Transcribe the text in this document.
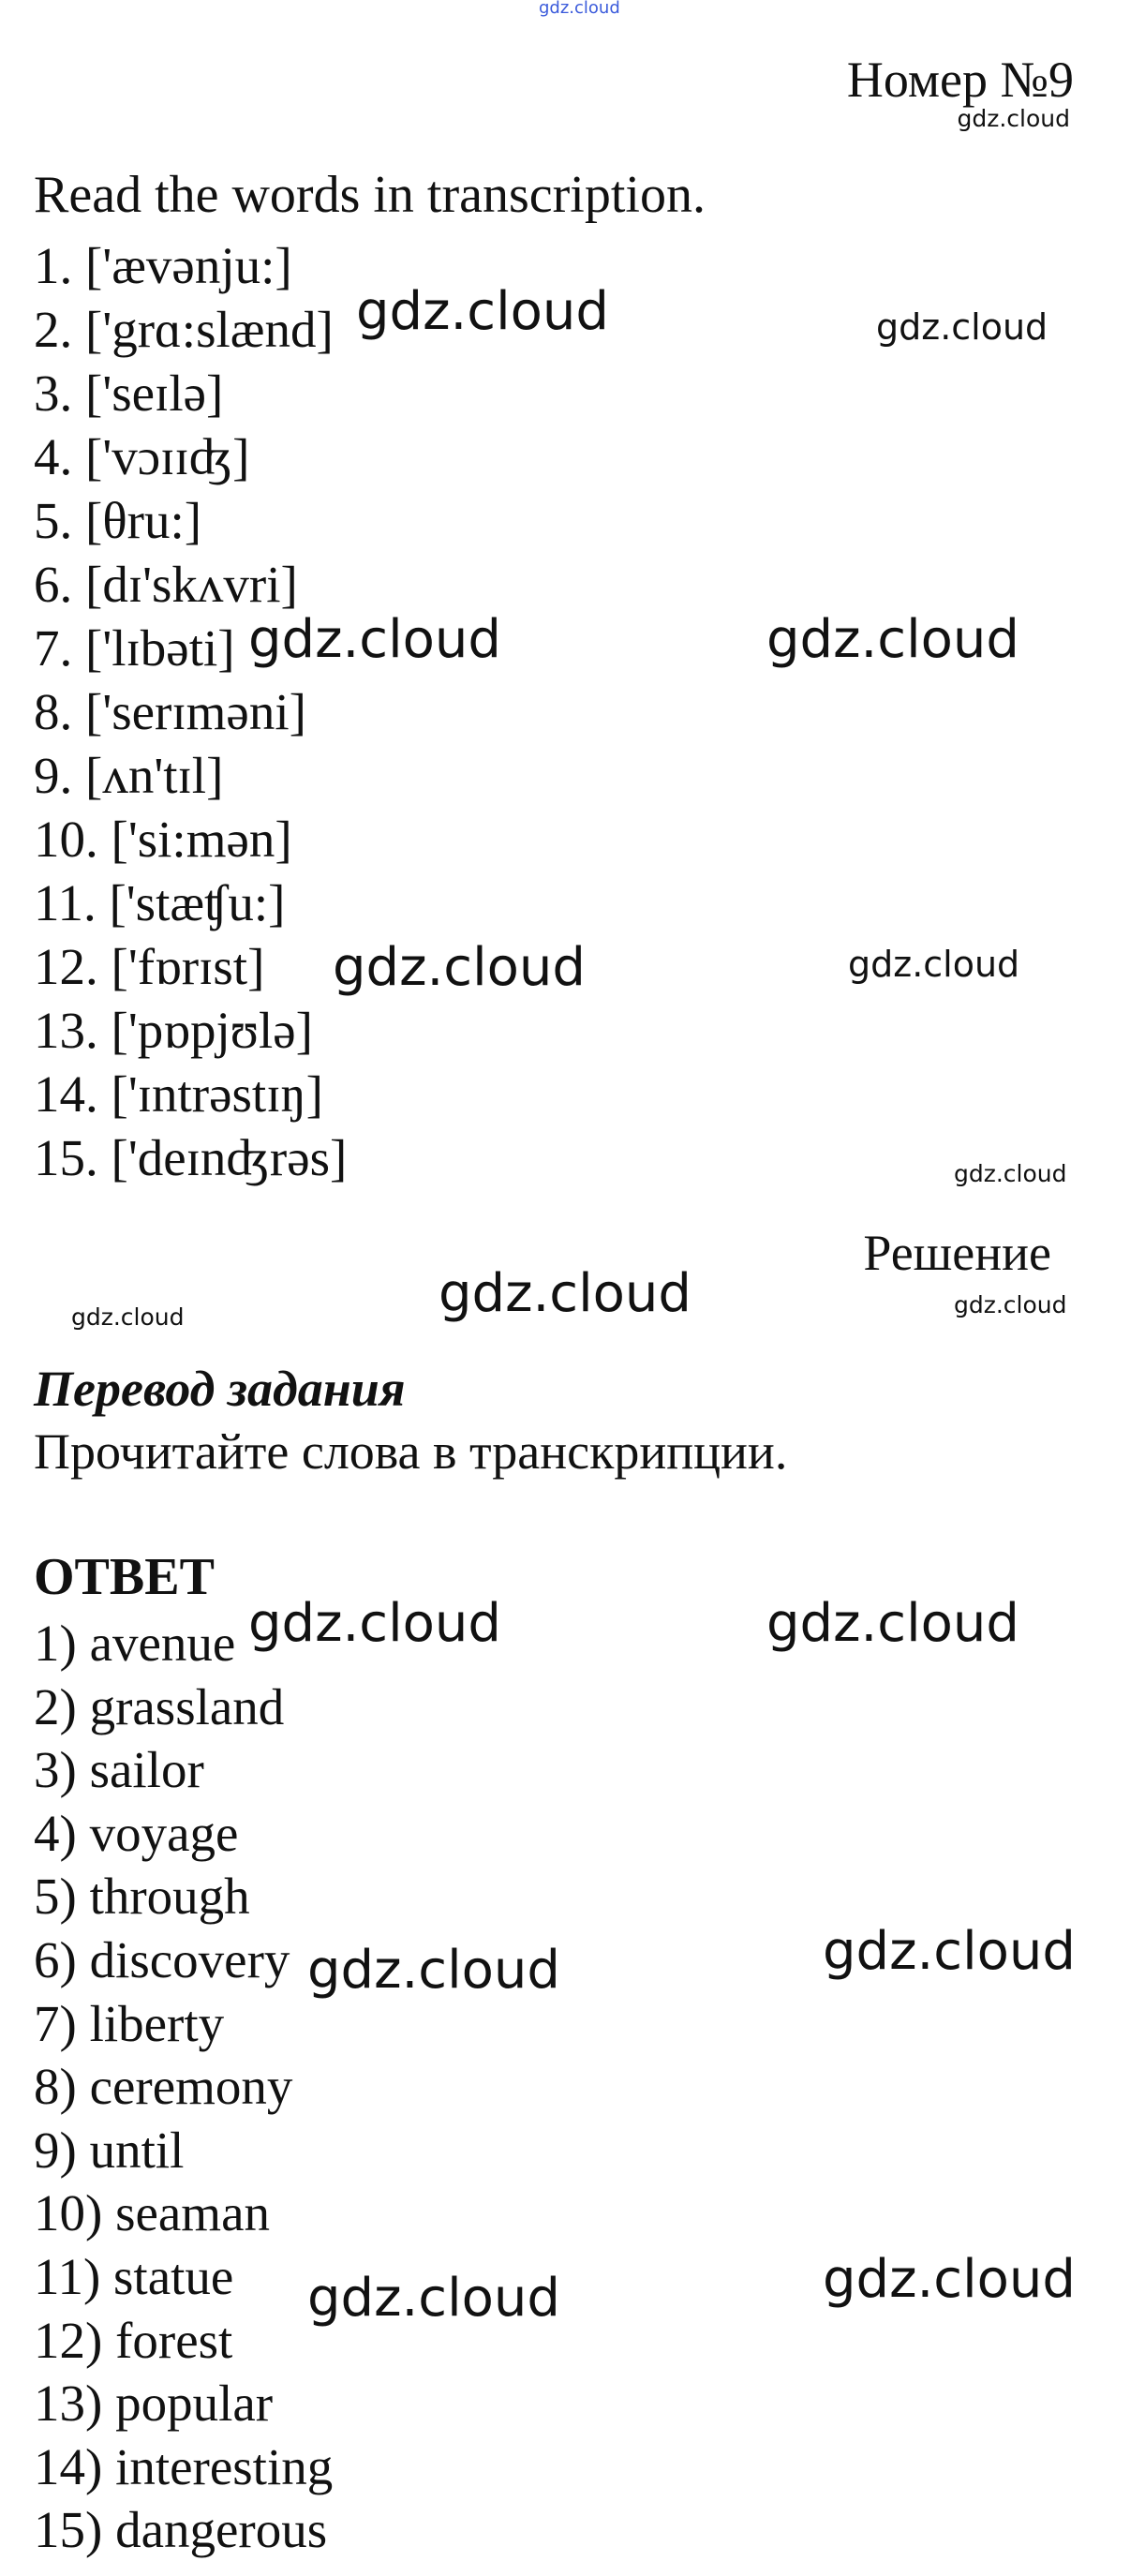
gdz.cloud
Номер №9
gdz.cloud
Read the words in transcription.
1. ['ævənju:]
2. ['grɑ:slænd]
3. ['seɪlə]
4. ['vɔɪɪʤ]
5. [θru:]
6. [dɪ'skʌvri]
7. ['lɪbəti]
8. ['serɪməni]
9. [ʌn'tɪl]
10. ['si:mən]
11. ['stæʧu:]
12. ['fɒrɪst]
13. ['pɒpjʊlə]
14. ['ɪntrəstɪŋ]
15. ['deɪnʤrəs]
Решение
Перевод задания
Прочитайте слова в транскрипции.
ОТВЕТ
1) avenue
2) grassland
3) sailor
4) voyage
5) through
6) discovery
7) liberty
8) ceremony
9) until
10) seaman
11) statue
12) forest
13) popular
14) interesting
15) dangerous
gdz.cloud	gdz.cloud
gdz.cloud	gdz.cloud
gdz.cloud	gdz.cloud
gdz.cloud
gdz.cloud	gdz.cloud	gdz.cloud
gdz.cloud	gdz.cloud
gdz.cloud	gdz.cloud
gdz.cloud	gdz.cloud
